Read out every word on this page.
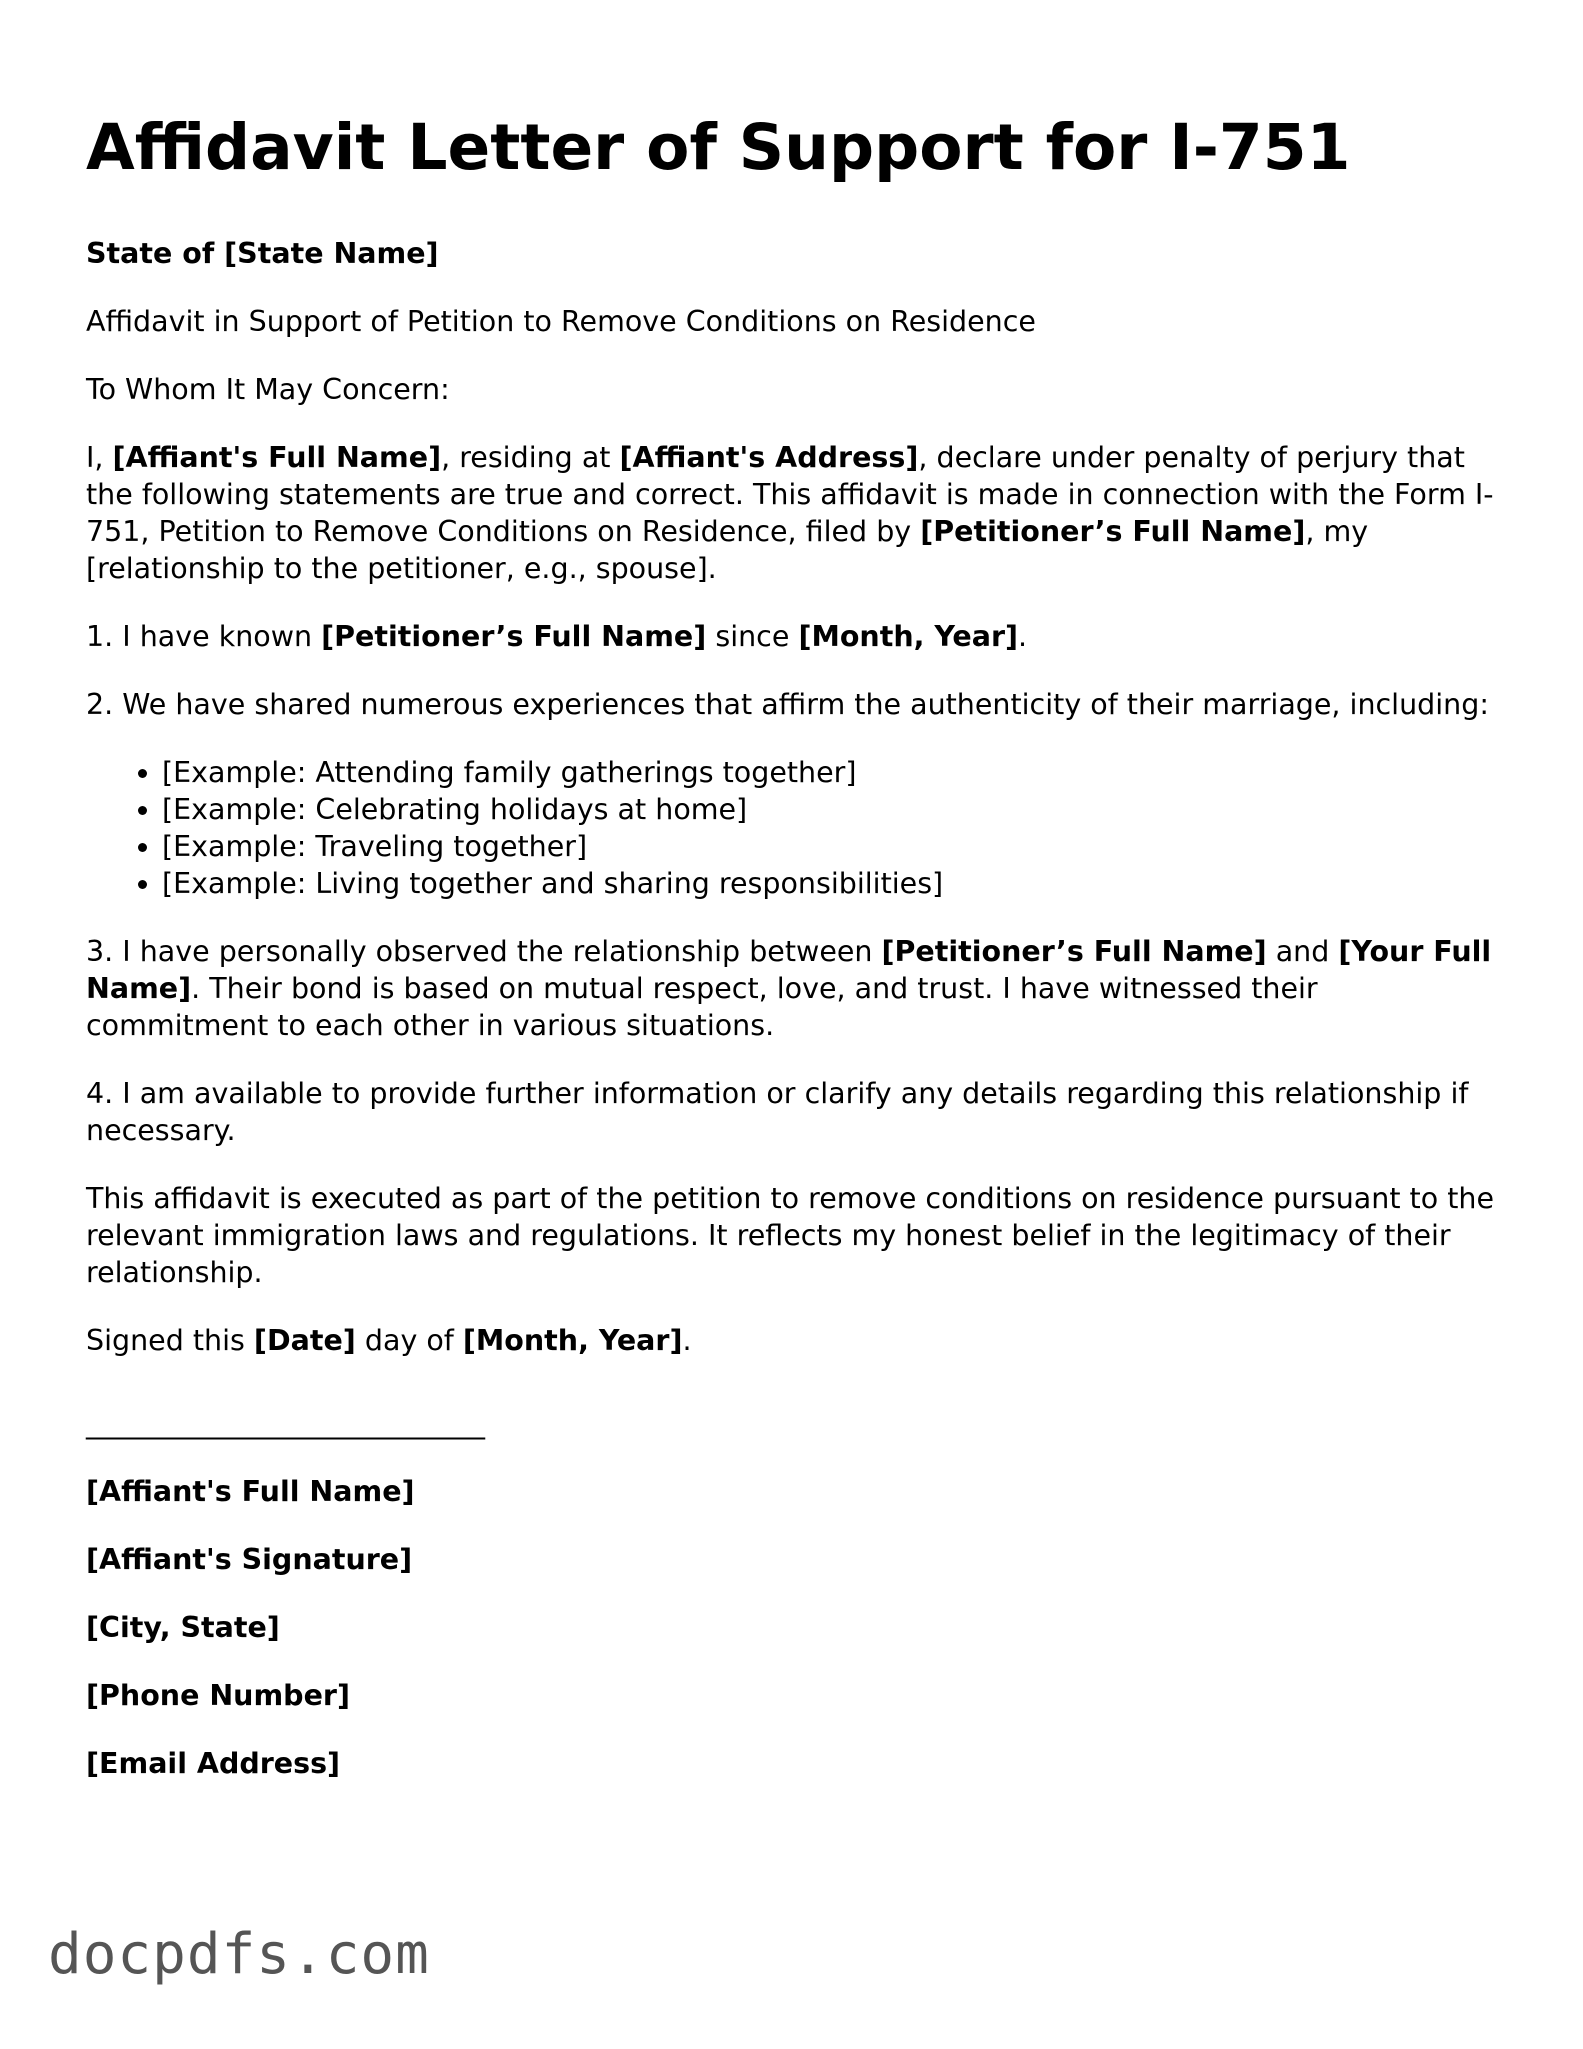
Affidavit Letter of Support for I-751

State of [State Name]

Affidavit in Support of Petition to Remove Conditions on Residence

To Whom It May Concern:

I, [Affiant's Full Name], residing at [Affiant's Address], declare under penalty of perjury that the following statements are true and correct. This affidavit is made in connection with the Form I-751, Petition to Remove Conditions on Residence, filed by [Petitioner’s Full Name], my [relationship to the petitioner, e.g., spouse].

1. I have known [Petitioner’s Full Name] since [Month, Year].

2. We have shared numerous experiences that affirm the authenticity of their marriage, including:

• [Example: Attending family gatherings together]
• [Example: Celebrating holidays at home]
• [Example: Traveling together]
• [Example: Living together and sharing responsibilities]

3. I have personally observed the relationship between [Petitioner’s Full Name] and [Your Full Name]. Their bond is based on mutual respect, love, and trust. I have witnessed their commitment to each other in various situations.

4. I am available to provide further information or clarify any details regarding this relationship if necessary.

This affidavit is executed as part of the petition to remove conditions on residence pursuant to the relevant immigration laws and regulations. It reflects my honest belief in the legitimacy of their relationship.

Signed this [Date] day of [Month, Year].

____________________________

[Affiant's Full Name]

[Affiant's Signature]

[City, State]

[Phone Number]

[Email Address]

docpdfs.com
